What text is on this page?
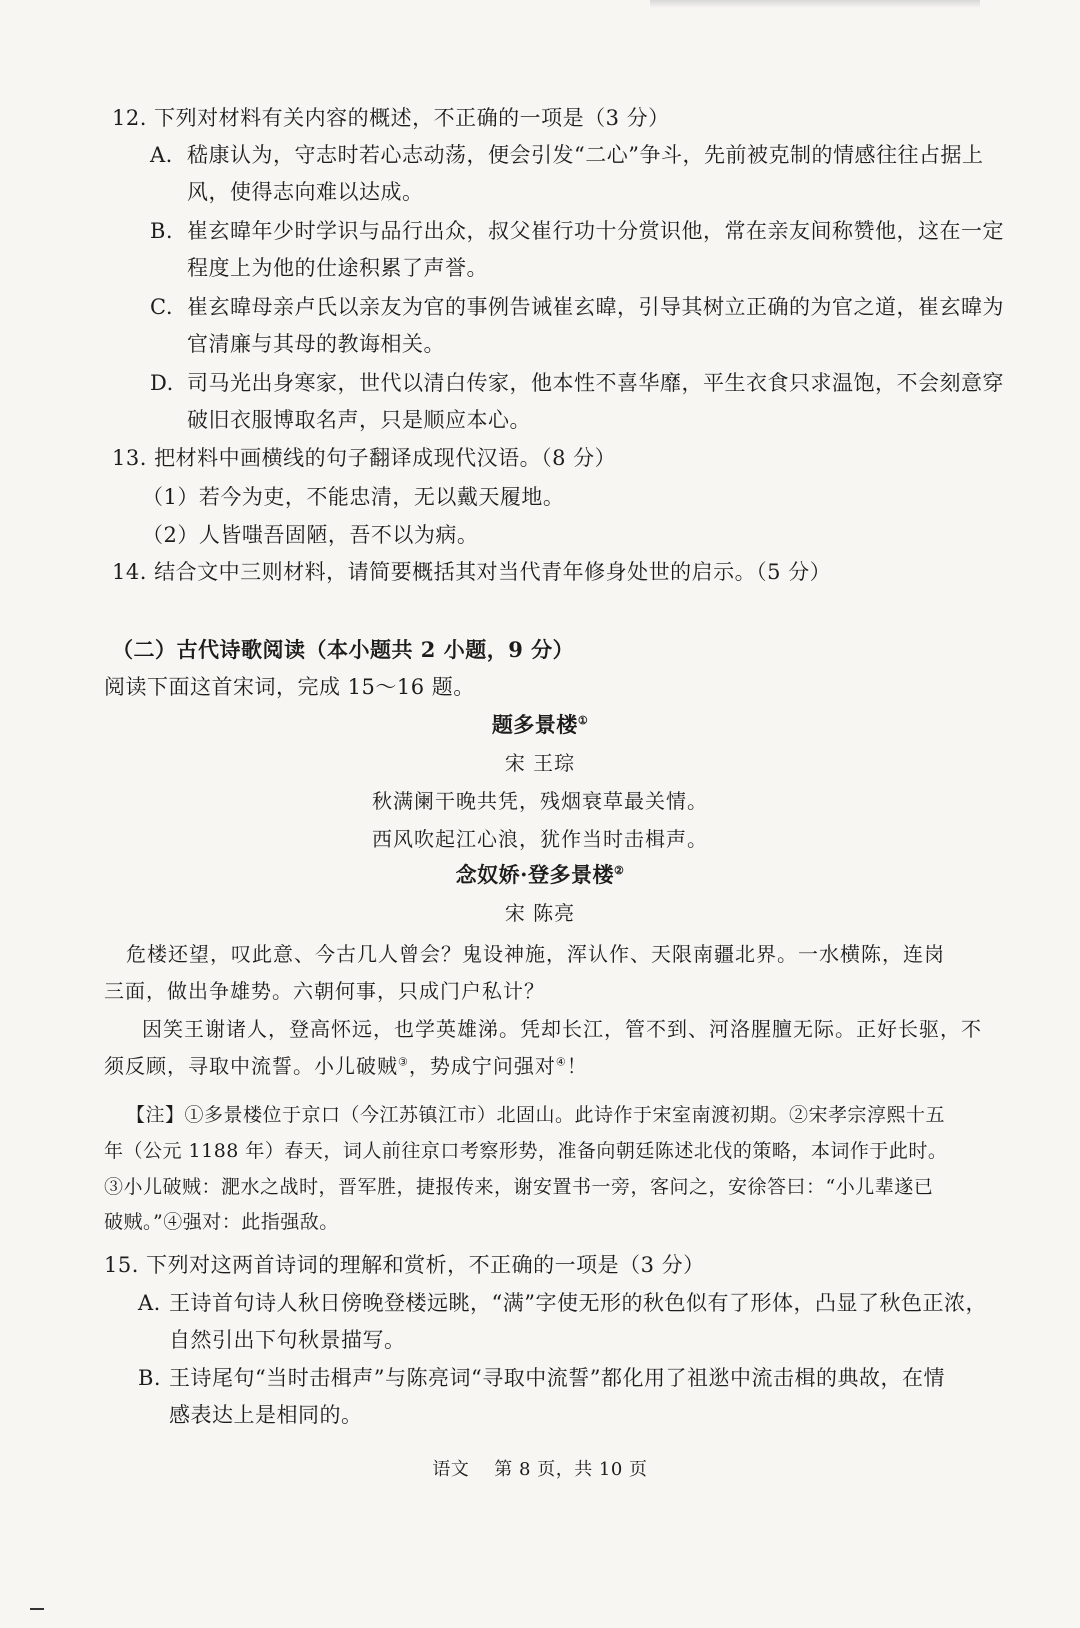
12. 下列对材料有关内容的概述，不正确的一项是（3 分）
A. 嵇康认为，守志时若心志动荡，便会引发“二心”争斗，先前被克制的情感往往占据上
风，使得志向难以达成。
B. 崔玄暐年少时学识与品行出众，叔父崔行功十分赏识他，常在亲友间称赞他，这在一定
程度上为他的仕途积累了声誉。
C. 崔玄暐母亲卢氏以亲友为官的事例告诫崔玄暐，引导其树立正确的为官之道，崔玄暐为
官清廉与其母的教诲相关。
D. 司马光出身寒家，世代以清白传家，他本性不喜华靡，平生衣食只求温饱，不会刻意穿
破旧衣服博取名声，只是顺应本心。
13. 把材料中画横线的句子翻译成现代汉语。（8 分）
（1）若今为吏，不能忠清，无以戴天履地。
（2）人皆嗤吾固陋，吾不以为病。
14. 结合文中三则材料，请简要概括其对当代青年修身处世的启示。（5 分）
（二）古代诗歌阅读（本小题共 2 小题，9 分）
阅读下面这首宋词，完成 15～16 题。
题多景楼①
宋 王琮
秋满阑干晚共凭，残烟衰草最关情。
西风吹起江心浪，犹作当时击楫声。
念奴娇·登多景楼②
宋 陈亮
危楼还望，叹此意、今古几人曾会？鬼设神施，浑认作、天限南疆北界。一水横陈，连岗
三面，做出争雄势。六朝何事，只成门户私计？
因笑王谢诸人，登高怀远，也学英雄涕。凭却长江，管不到、河洛腥膻无际。正好长驱，不
须反顾，寻取中流誓。小儿破贼③，势成宁问强对④！
【注】①多景楼位于京口（今江苏镇江市）北固山。此诗作于宋室南渡初期。②宋孝宗淳熙十五
年（公元 1188 年）春天，词人前往京口考察形势，准备向朝廷陈述北伐的策略，本词作于此时。
③小儿破贼：淝水之战时，晋军胜，捷报传来，谢安置书一旁，客问之，安徐答曰：“小儿辈遂已
破贼。”④强对：此指强敌。
15. 下列对这两首诗词的理解和赏析，不正确的一项是（3 分）
A. 王诗首句诗人秋日傍晚登楼远眺，“满”字使无形的秋色似有了形体，凸显了秋色正浓，
自然引出下句秋景描写。
B. 王诗尾句“当时击楫声”与陈亮词“寻取中流誓”都化用了祖逖中流击楫的典故，在情
感表达上是相同的。
语文    第 8 页，共 10 页
